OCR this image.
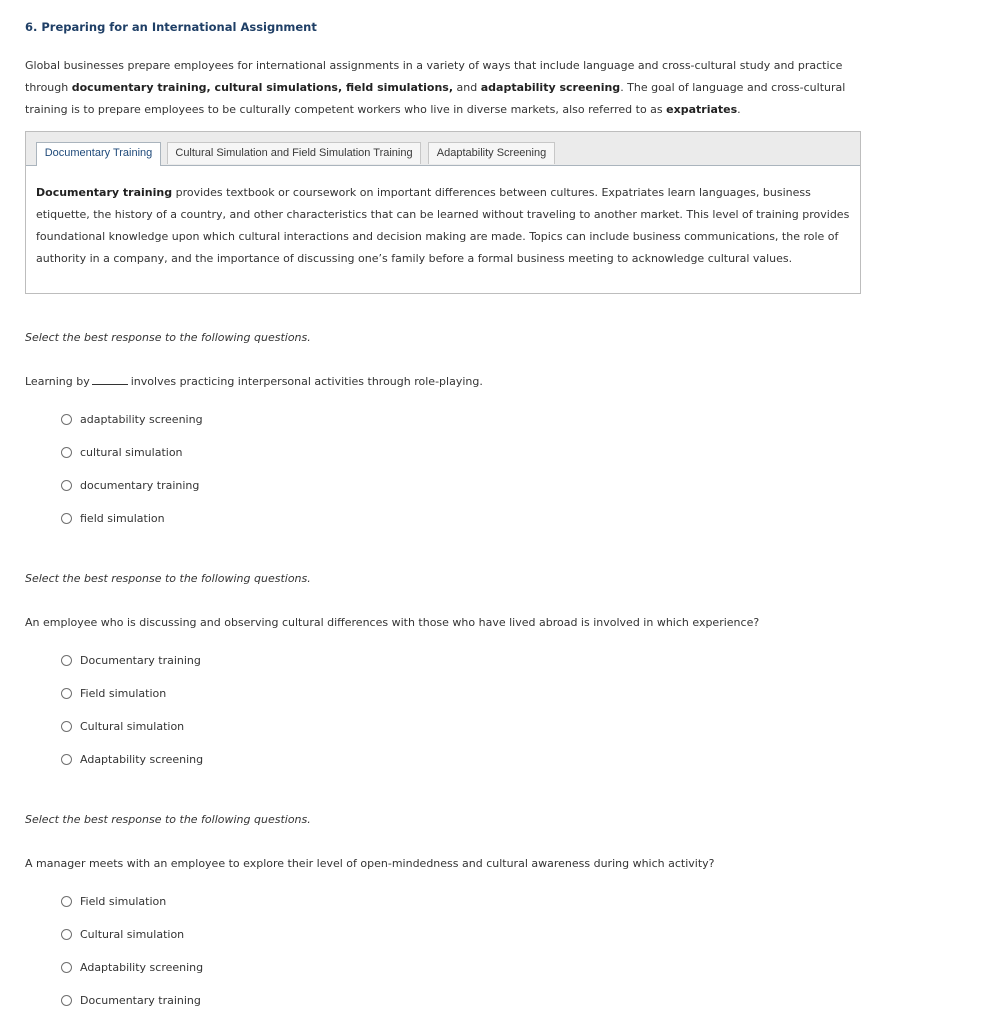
6. Preparing for an International Assignment
Global businesses prepare employees for international assignments in a variety of ways that include language and cross-cultural study and practice through documentary training, cultural simulations, field simulations, and adaptability screening. The goal of language and cross-cultural training is to prepare employees to be culturally competent workers who live in diverse markets, also referred to as expatriates.
Documentary Training	Cultural Simulation and Field Simulation Training	Adaptability Screening
Documentary training provides textbook or coursework on important differences between cultures. Expatriates learn languages, business etiquette, the history of a country, and other characteristics that can be learned without traveling to another market. This level of training provides foundational knowledge upon which cultural interactions and decision making are made. Topics can include business communications, the role of authority in a company, and the importance of discussing one’s family before a formal business meeting to acknowledge cultural values.
Select the best response to the following questions.
Learning by	involves practicing interpersonal activities through role-playing.
adaptability screening
cultural simulation
documentary training
field simulation
Select the best response to the following questions.
An employee who is discussing and observing cultural differences with those who have lived abroad is involved in which experience?
Documentary training
Field simulation
Cultural simulation
Adaptability screening
Select the best response to the following questions.
A manager meets with an employee to explore their level of open-mindedness and cultural awareness during which activity?
Field simulation
Cultural simulation
Adaptability screening
Documentary training
